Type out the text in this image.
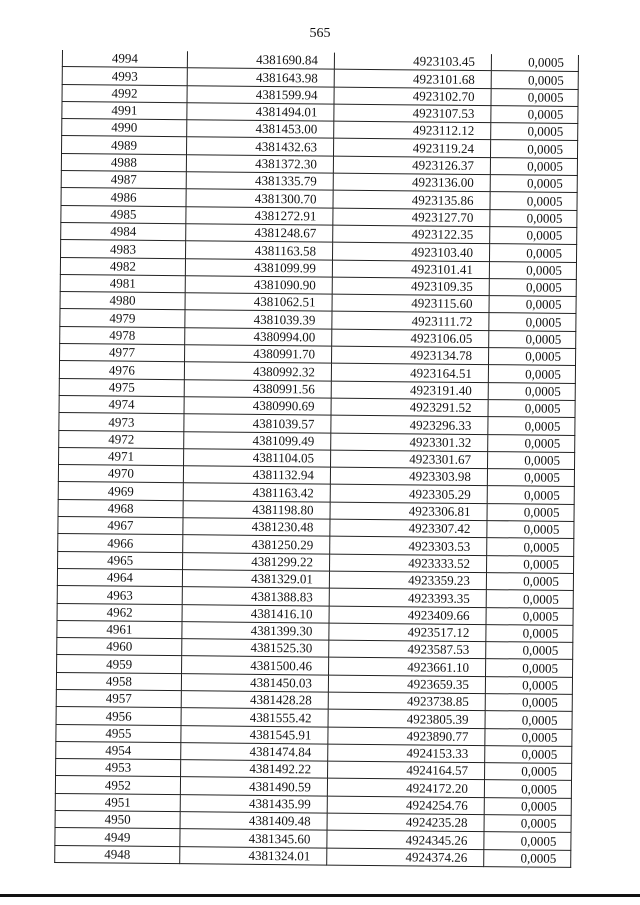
565
4994	4381690.84	4923103.45	0,0005
4993	4381643.98	4923101.68	0,0005
4992	4381599.94	4923102.70	0,0005
4991	4381494.01	4923107.53	0,0005
4990	4381453.00	4923112.12	0,0005
4989	4381432.63	4923119.24	0,0005
4988	4381372.30	4923126.37	0,0005
4987	4381335.79	4923136.00	0,0005
4986	4381300.70	4923135.86	0,0005
4985	4381272.91	4923127.70	0,0005
4984	4381248.67	4923122.35	0,0005
4983	4381163.58	4923103.40	0,0005
4982	4381099.99	4923101.41	0,0005
4981	4381090.90	4923109.35	0,0005
4980	4381062.51	4923115.60	0,0005
4979	4381039.39	4923111.72	0,0005
4978	4380994.00	4923106.05	0,0005
4977	4380991.70	4923134.78	0,0005
4976	4380992.32	4923164.51	0,0005
4975	4380991.56	4923191.40	0,0005
4974	4380990.69	4923291.52	0,0005
4973	4381039.57	4923296.33	0,0005
4972	4381099.49	4923301.32	0,0005
4971	4381104.05	4923301.67	0,0005
4970	4381132.94	4923303.98	0,0005
4969	4381163.42	4923305.29	0,0005
4968	4381198.80	4923306.81	0,0005
4967	4381230.48	4923307.42	0,0005
4966	4381250.29	4923303.53	0,0005
4965	4381299.22	4923333.52	0,0005
4964	4381329.01	4923359.23	0,0005
4963	4381388.83	4923393.35	0,0005
4962	4381416.10	4923409.66	0,0005
4961	4381399.30	4923517.12	0,0005
4960	4381525.30	4923587.53	0,0005
4959	4381500.46	4923661.10	0,0005
4958	4381450.03	4923659.35	0,0005
4957	4381428.28	4923738.85	0,0005
4956	4381555.42	4923805.39	0,0005
4955	4381545.91	4923890.77	0,0005
4954	4381474.84	4924153.33	0,0005
4953	4381492.22	4924164.57	0,0005
4952	4381490.59	4924172.20	0,0005
4951	4381435.99	4924254.76	0,0005
4950	4381409.48	4924235.28	0,0005
4949	4381345.60	4924345.26	0,0005
4948	4381324.01	4924374.26	0,0005
